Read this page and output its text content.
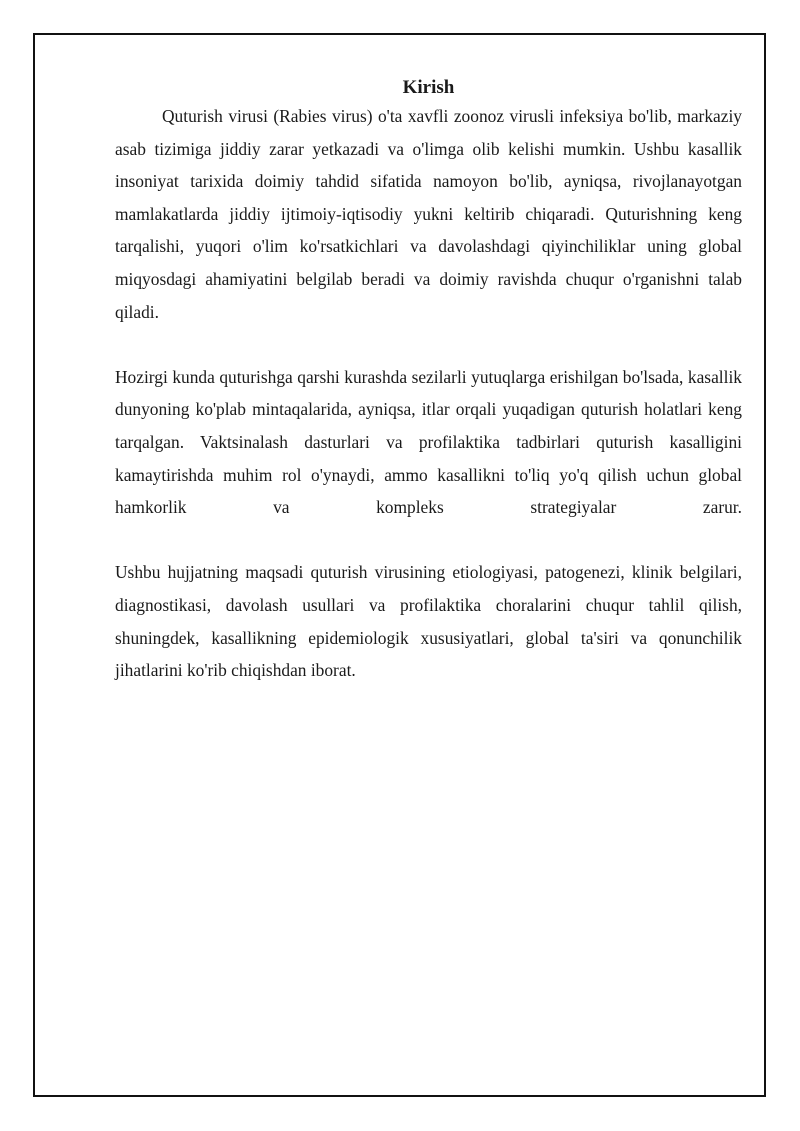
Kirish

Quturish virusi (Rabies virus) o'ta xavfli zoonoz virusli infeksiya bo'lib, markaziy asab tizimiga jiddiy zarar yetkazadi va o'limga olib kelishi mumkin. Ushbu kasallik insoniyat tarixida doimiy tahdid sifatida namoyon bo'lib, ayniqsa, rivojlanayotgan mamlakatlarda jiddiy ijtimoiy-iqtisodiy yukni keltirib chiqaradi. Quturishning keng tarqalishi, yuqori o'lim ko'rsatkichlari va davolashdagi qiyinchiliklar uning global miqyosdagi ahamiyatini belgilab beradi va doimiy ravishda chuqur o'rganishni talab qiladi.

Hozirgi kunda quturishga qarshi kurashda sezilarli yutuqlarga erishilgan bo'lsada, kasallik dunyoning ko'plab mintaqalarida, ayniqsa, itlar orqali yuqadigan quturish holatlari keng tarqalgan. Vaktsinalash dasturlari va profilaktika tadbirlari quturish kasalligini kamaytirishda muhim rol o'ynaydi, ammo kasallikni to'liq yo'q qilish uchun global hamkorlik va kompleks strategiyalar zarur.

Ushbu hujjatning maqsadi quturish virusining etiologiyasi, patogenezi, klinik belgilari, diagnostikasi, davolash usullari va profilaktika choralarini chuqur tahlil qilish, shuningdek, kasallikning epidemiologik xususiyatlari, global ta'siri va qonunchilik jihatlarini ko'rib chiqishdan iborat.
